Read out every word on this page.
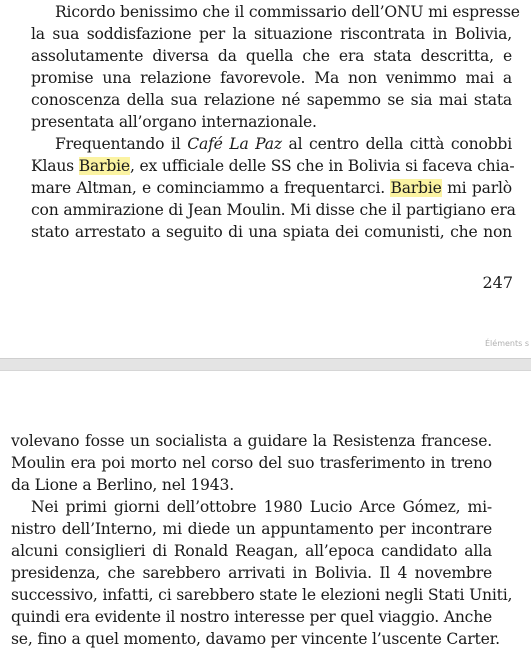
Ricordo benissimo che il commissario dell’ONU mi espresse
la sua soddisfazione per la situazione riscontrata in Bolivia,
assolutamente diversa da quella che era stata descritta, e
promise una relazione favorevole. Ma non venimmo mai a
conoscenza della sua relazione né sapemmo se sia mai stata
presentata all’organo internazionale.
Frequentando il Café La Paz al centro della città conobbi
Klaus Barbie, ex ufficiale delle SS che in Bolivia si faceva chia-
mare Altman, e cominciammo a frequentarci. Barbie mi parlò
con ammirazione di Jean Moulin. Mi disse che il partigiano era
stato arrestato a seguito di una spiata dei comunisti, che non
247
Éléments s
volevano fosse un socialista a guidare la Resistenza francese.
Moulin era poi morto nel corso del suo trasferimento in treno
da Lione a Berlino, nel 1943.
Nei primi giorni dell’ottobre 1980 Lucio Arce Gómez, mi-
nistro dell’Interno, mi diede un appuntamento per incontrare
alcuni consiglieri di Ronald Reagan, all’epoca candidato alla
presidenza, che sarebbero arrivati in Bolivia. Il 4 novembre
successivo, infatti, ci sarebbero state le elezioni negli Stati Uniti,
quindi era evidente il nostro interesse per quel viaggio. Anche
se, fino a quel momento, davamo per vincente l’uscente Carter.
